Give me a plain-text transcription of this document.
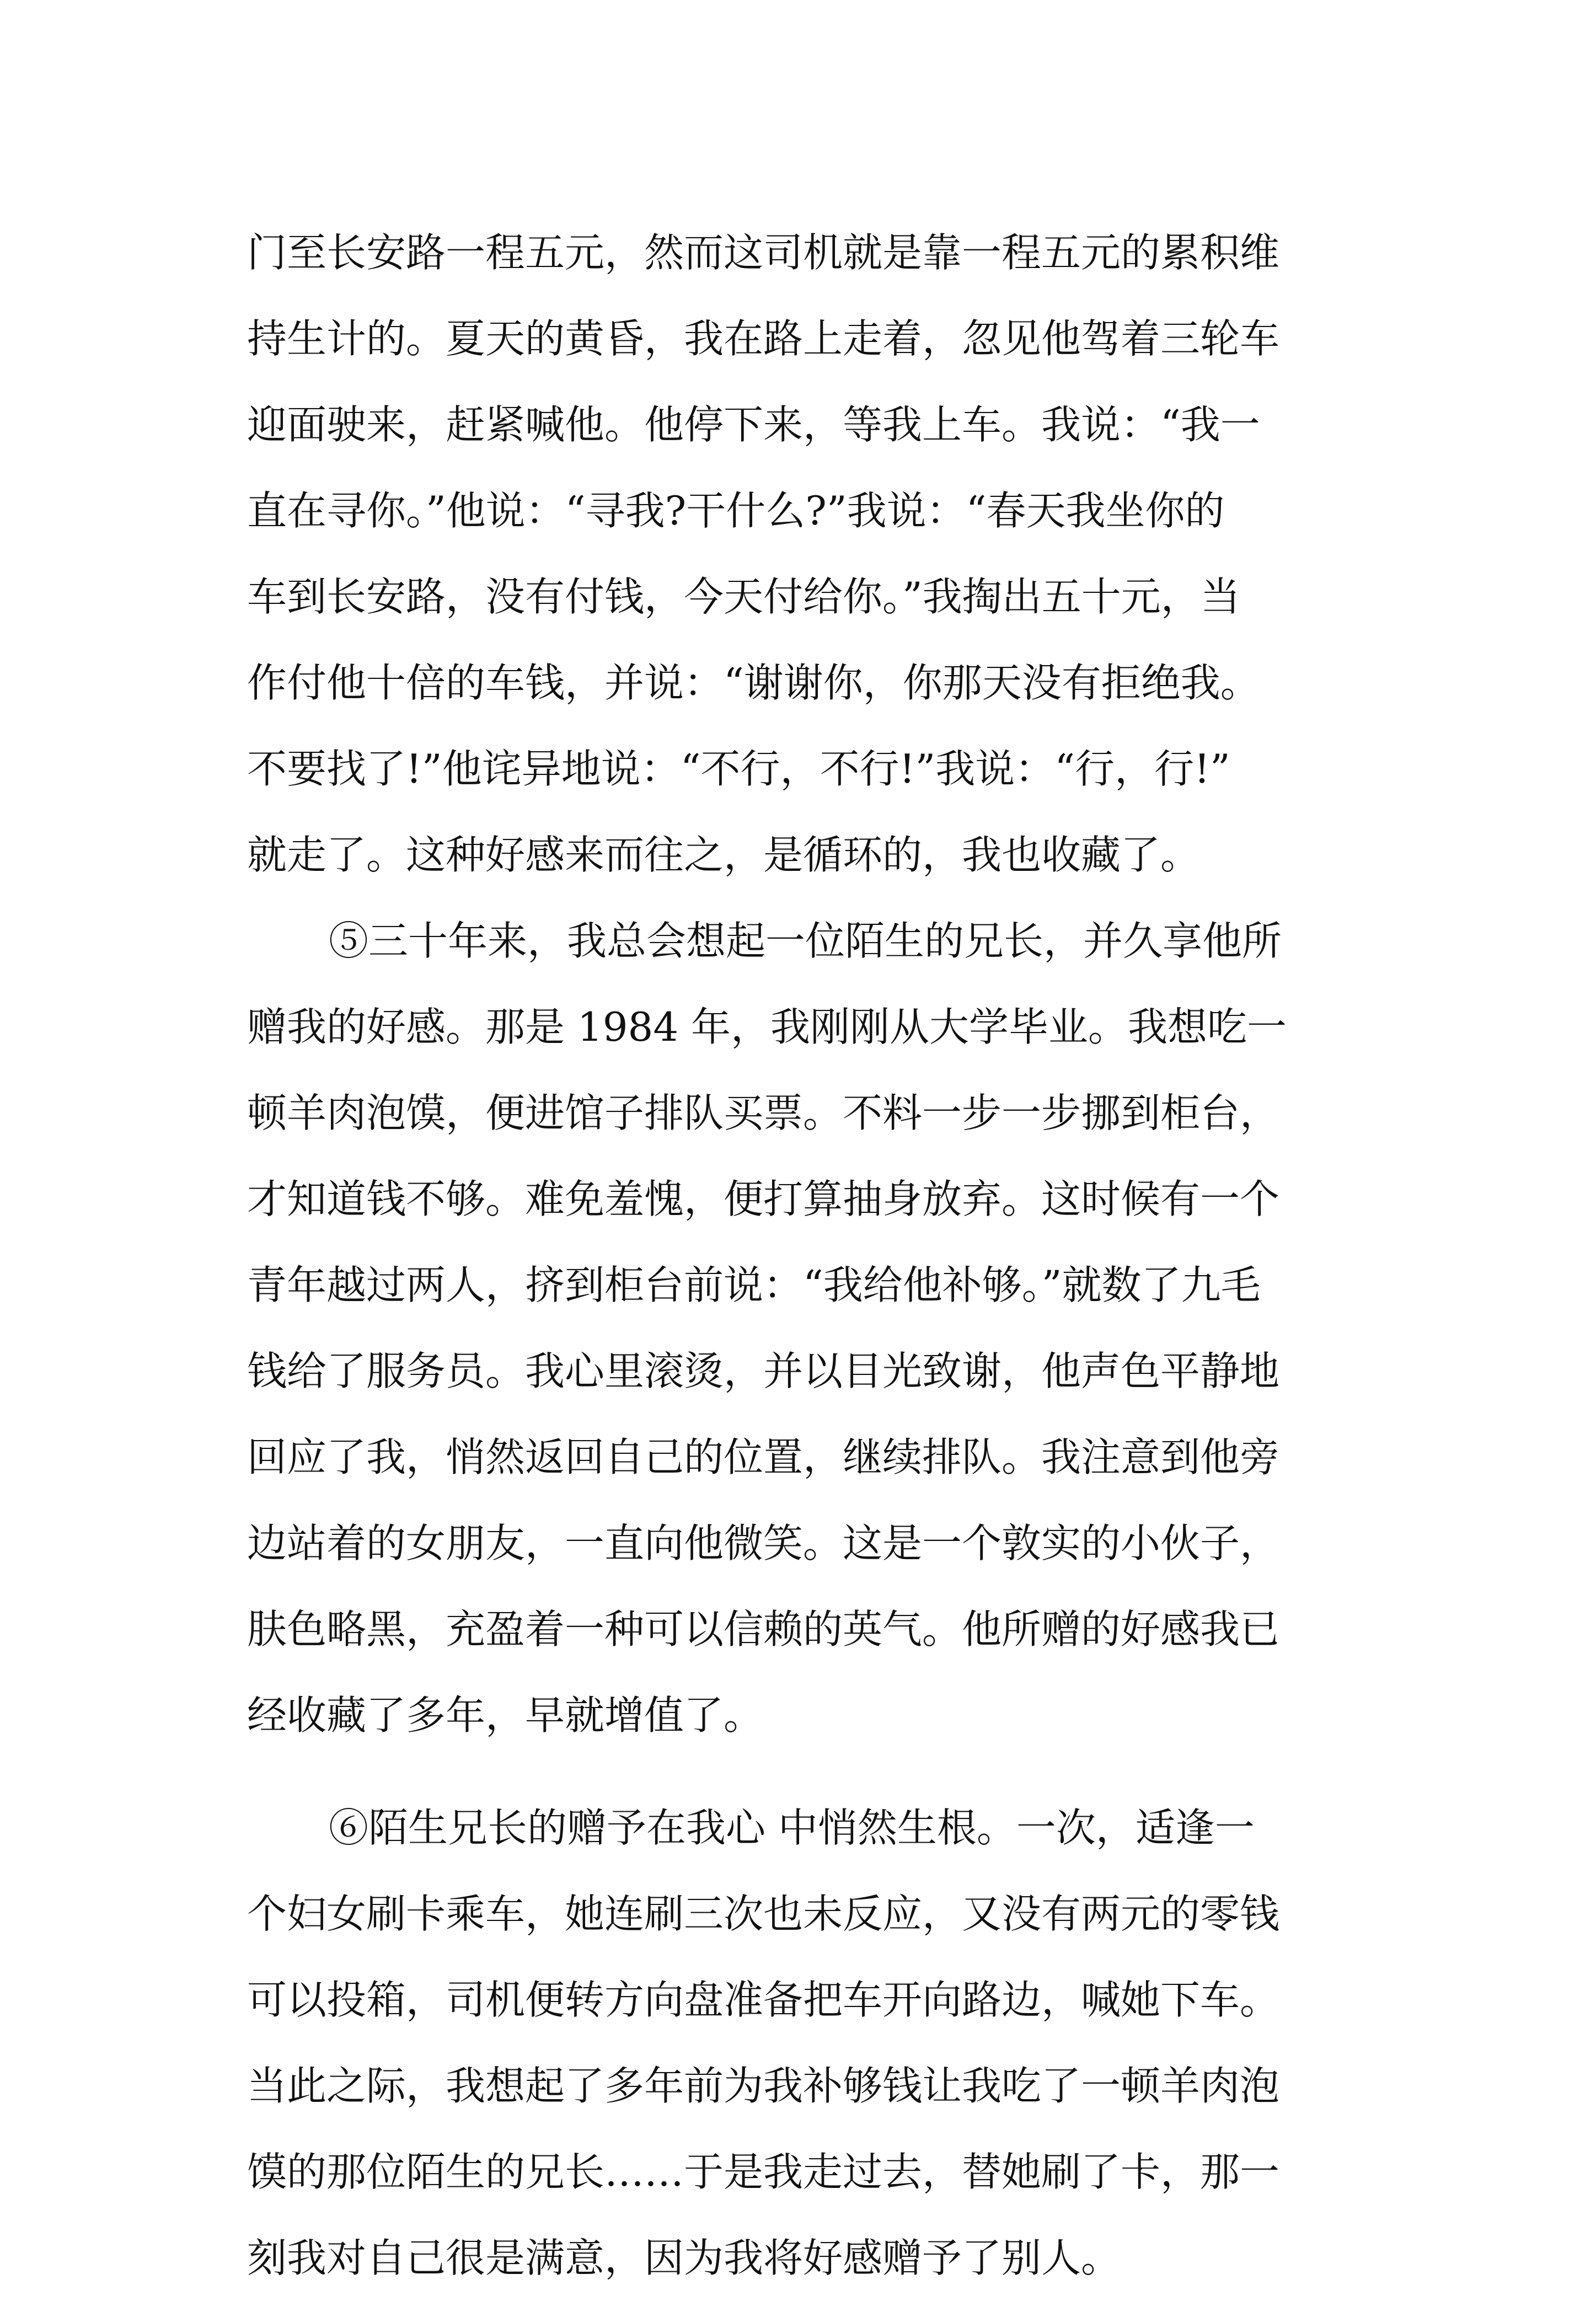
门至长安路一程五元，然而这司机就是靠一程五元的累积维
持生计的。夏天的黄昏，我在路上走着，忽见他驾着三轮车
迎面驶来，赶紧喊他。他停下来，等我上车。我说：“我一
直在寻你。”他说：“寻我?干什么?”我说：“春天我坐你的
车到长安路，没有付钱，今天付给你。”我掏出五十元，当
作付他十倍的车钱，并说：“谢谢你，你那天没有拒绝我。
不要找了!”他诧异地说：“不行，不行!”我说：“行，行!”
就走了。这种好感来而往之，是循环的，我也收藏了。
⑤三十年来，我总会想起一位陌生的兄长，并久享他所
赠我的好感。那是 1984 年，我刚刚从大学毕业。我想吃一
顿羊肉泡馍，便进馆子排队买票。不料一步一步挪到柜台，
才知道钱不够。难免羞愧，便打算抽身放弃。这时候有一个
青年越过两人，挤到柜台前说：“我给他补够。”就数了九毛
钱给了服务员。我心里滚烫，并以目光致谢，他声色平静地
回应了我，悄然返回自己的位置，继续排队。我注意到他旁
边站着的女朋友，一直向他微笑。这是一个敦实的小伙子，
肤色略黑，充盈着一种可以信赖的英气。他所赠的好感我已
经收藏了多年，早就增值了。
⑥陌生兄长的赠予在我心 中悄然生根。一次，适逢一
个妇女刷卡乘车，她连刷三次也未反应，又没有两元的零钱
可以投箱，司机便转方向盘准备把车开向路边，喊她下车。
当此之际，我想起了多年前为我补够钱让我吃了一顿羊肉泡
馍的那位陌生的兄长……于是我走过去，替她刷了卡，那一
刻我对自己很是满意，因为我将好感赠予了别人。
